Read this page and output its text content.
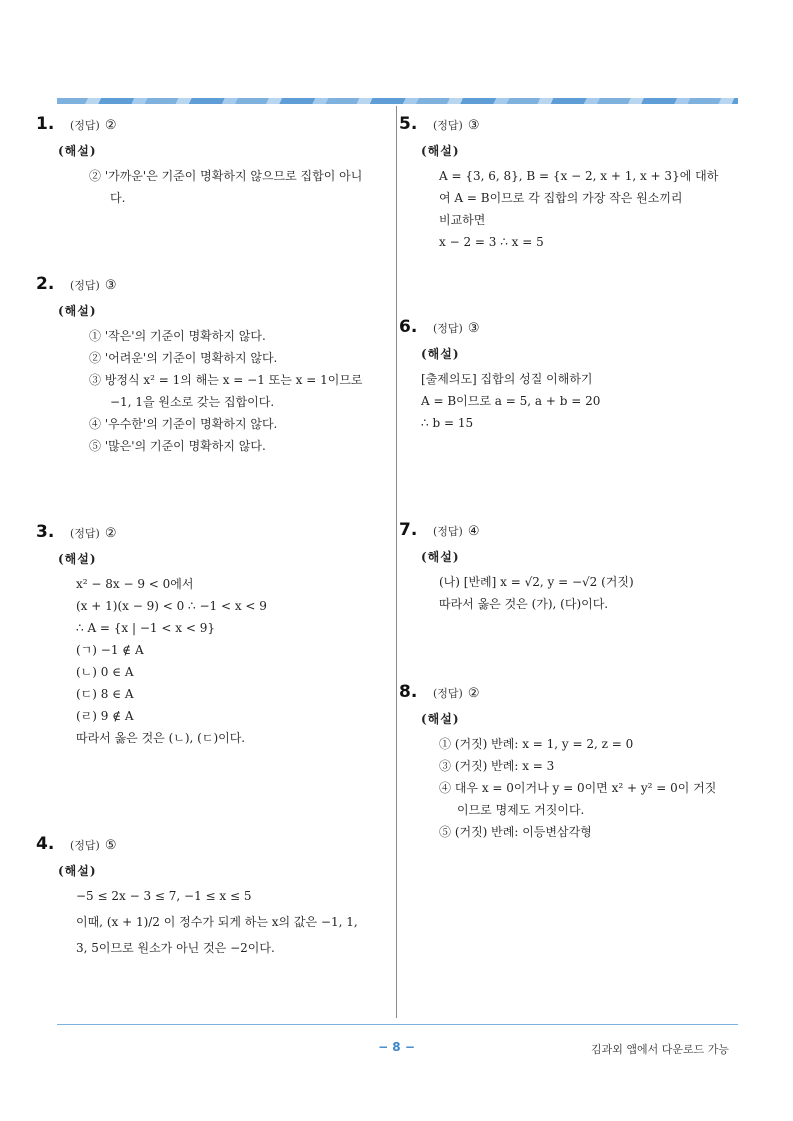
1. (정답) ②
(해설)
② '가까운'은 기준이 명확하지 않으므로 집합이 아니
다.
2. (정답) ③
(해설)
① '작은'의 기준이 명확하지 않다.
② '어려운'의 기준이 명확하지 않다.
③ 방정식 x² = 1의 해는 x = −1 또는 x = 1이므로
−1, 1을 원소로 갖는 집합이다.
④ '우수한'의 기준이 명확하지 않다.
⑤ '많은'의 기준이 명확하지 않다.
3. (정답) ②
(해설)
x² − 8x − 9 < 0에서
(x + 1)(x − 9) < 0 ∴ −1 < x < 9
∴ A = {x | −1 < x < 9}
(ㄱ) −1 ∉ A
(ㄴ) 0 ∈ A
(ㄷ) 8 ∈ A
(ㄹ) 9 ∉ A
따라서 옳은 것은 (ㄴ), (ㄷ)이다.
4. (정답) ⑤
(해설)
−5 ≤ 2x − 3 ≤ 7, −1 ≤ x ≤ 5
이때, (x + 1)/2 이 정수가 되게 하는 x의 값은 −1, 1,
3, 5이므로 원소가 아닌 것은 −2이다.
5. (정답) ③
(해설)
A = {3, 6, 8}, B = {x − 2, x + 1, x + 3}에 대하
여 A = B이므로 각 집합의 가장 작은 원소끼리
비교하면
x − 2 = 3 ∴ x = 5
6. (정답) ③
(해설)
[출제의도] 집합의 성질 이해하기
A = B이므로 a = 5, a + b = 20
∴ b = 15
7. (정답) ④
(해설)
(나) [반례] x = √2, y = −√2 (거짓)
따라서 옳은 것은 (가), (다)이다.
8. (정답) ②
(해설)
① (거짓) 반례: x = 1, y = 2, z = 0
③ (거짓) 반례: x = 3
④ 대우 x = 0이거나 y = 0이면 x² + y² = 0이 거짓
이므로 명제도 거짓이다.
⑤ (거짓) 반례: 이등변삼각형
− 8 −	김과외 앱에서 다운로드 가능
